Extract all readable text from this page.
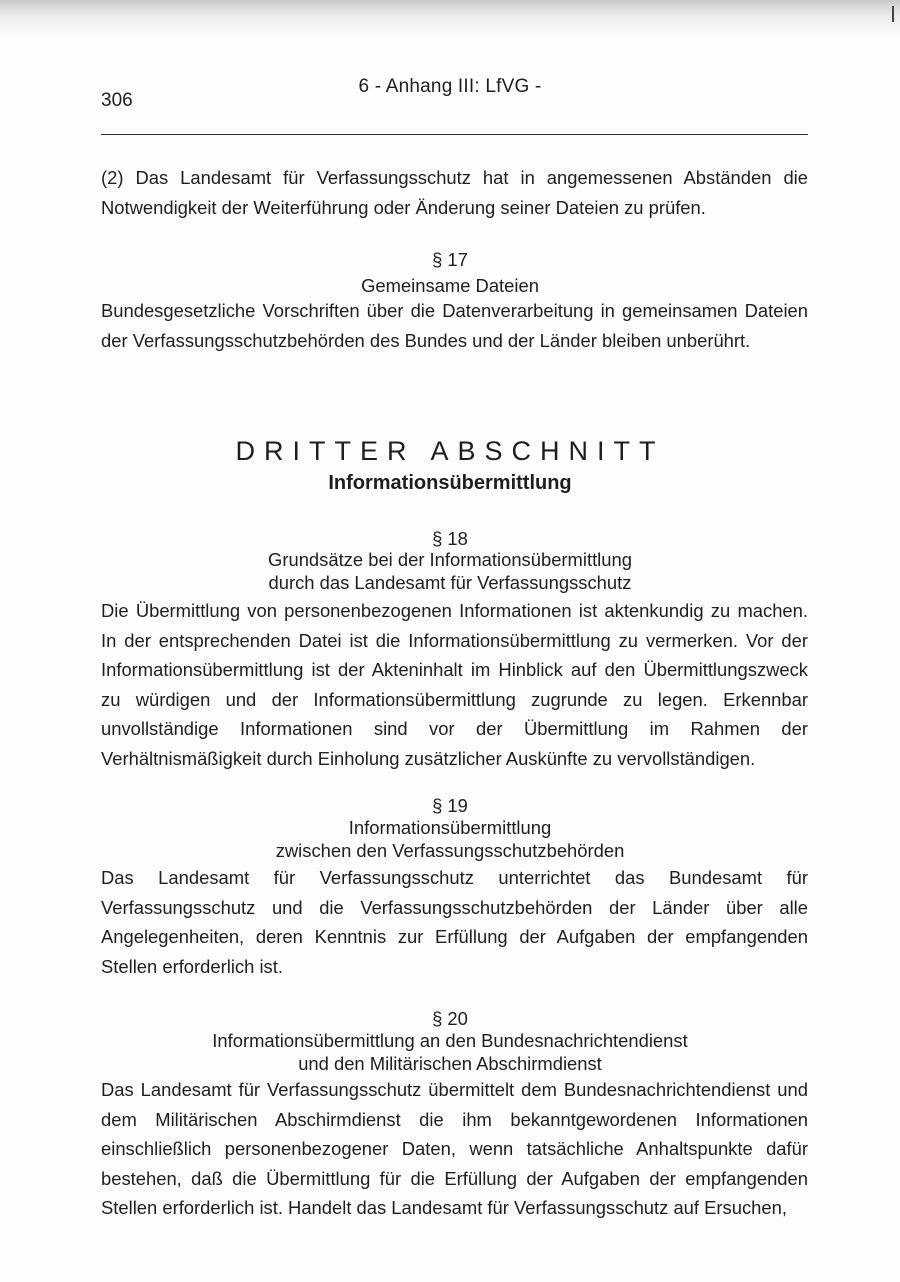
6 - Anhang III: LfVG -
306
(2) Das Landesamt für Verfassungsschutz hat in angemessenen Abständen die Notwendigkeit der Weiterführung oder Änderung seiner Dateien zu prüfen.
§ 17
Gemeinsame Dateien
Bundesgesetzliche Vorschriften über die Datenverarbeitung in gemeinsamen Dateien der Verfassungsschutzbehörden des Bundes und der Länder bleiben unberührt.
DRITTER ABSCHNITT
Informationsübermittlung
§ 18
Grundsätze bei der Informationsübermittlung
durch das Landesamt für Verfassungsschutz
Die Übermittlung von personenbezogenen Informationen ist aktenkundig zu machen. In der entsprechenden Datei ist die Informationsübermittlung zu vermerken. Vor der Informationsübermittlung ist der Akteninhalt im Hinblick auf den Übermittlungszweck zu würdigen und der Informationsübermittlung zugrunde zu legen. Erkennbar unvollständige Informationen sind vor der Übermittlung im Rahmen der Verhältnismäßigkeit durch Einholung zusätzlicher Auskünfte zu vervollständigen.
§ 19
Informationsübermittlung
zwischen den Verfassungsschutzbehörden
Das Landesamt für Verfassungsschutz unterrichtet das Bundesamt für Verfassungsschutz und die Verfassungsschutzbehörden der Länder über alle Angelegenheiten, deren Kenntnis zur Erfüllung der Aufgaben der empfangenden Stellen erforderlich ist.
§ 20
Informationsübermittlung an den Bundesnachrichtendienst
und den Militärischen Abschirmdienst
Das Landesamt für Verfassungsschutz übermittelt dem Bundesnachrichtendienst und dem Militärischen Abschirmdienst die ihm bekanntgewordenen Informationen einschließlich personenbezogener Daten, wenn tatsächliche Anhaltspunkte dafür bestehen, daß die Übermittlung für die Erfüllung der Aufgaben der empfangenden Stellen erforderlich ist. Handelt das Landesamt für Verfassungsschutz auf Ersuchen,
